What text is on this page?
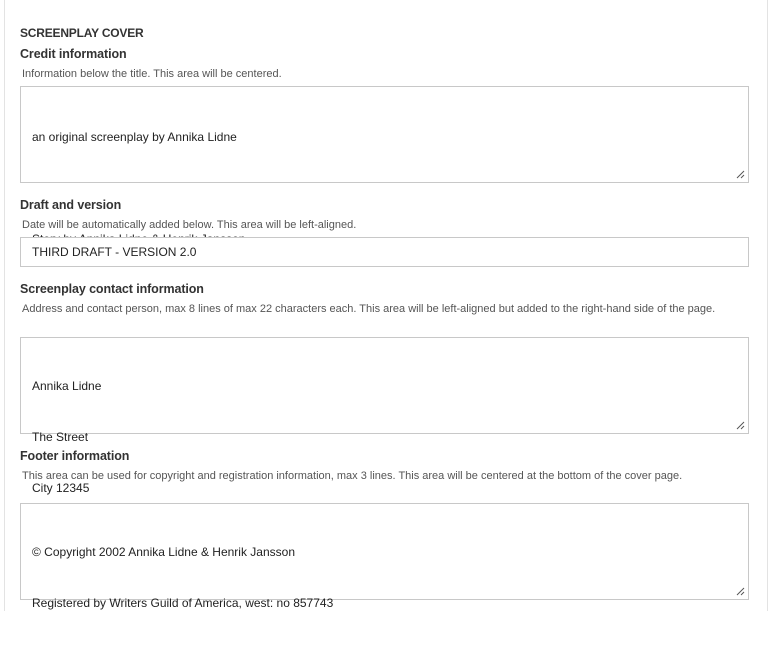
SCREENPLAY COVER
Credit information
Information below the title. This area will be centered.

an original screenplay by Annika Lidne

Draft and version
Date will be automatically added below. This area will be left-aligned.
THIRD DRAFT - VERSION 2.0
Screenplay contact information
Address and contact person, max 8 lines of max 22 characters each. This area will be left-aligned but added to the right-hand side of the page.

Annika Lidne

The Street

City 12345

Footer information
This area can be used for copyright and registration information, max 3 lines. This area will be centered at the bottom of the cover page.

© Copyright 2002 Annika Lidne & Henrik Jansson

Registered by Writers Guild of America, west: no 857743
